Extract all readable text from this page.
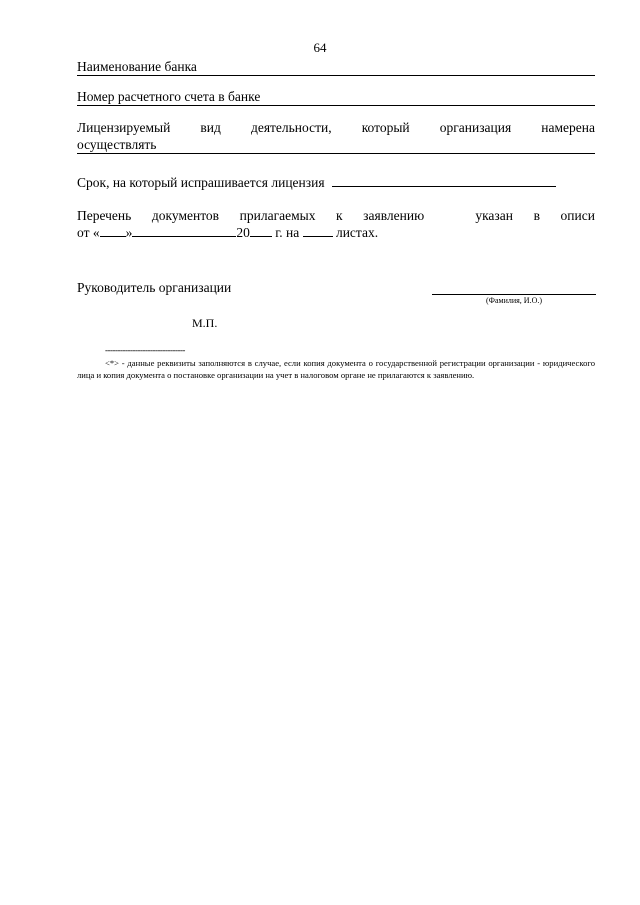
64
Наименование банка
Номер расчетного счета в банке
Лицензируемый вид деятельности, который организация намерена
осуществлять
Срок, на который испрашивается лицензия
Перечень документов прилагаемых к заявлению	указан в описи
от « »	20 г. на	листах.
Руководитель организации
(Фамилия, И.О.)
М.П.
--------------------------------
<*> - данные реквизиты заполняются в случае, если копия документа о государственной регистрации организации - юридического лица и копия документа о постановке организации на учет в налоговом органе не прилагаются к заявлению.
